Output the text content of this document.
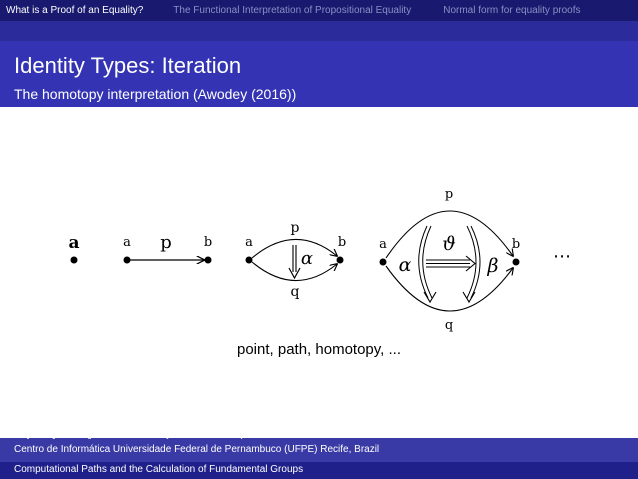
What is a Proof of an Equality?	The Functional Interpretation of Propositional Equality	Normal form for equality proofs
Identity Types: Iteration
The homotopy interpretation (Awodey (2016))
a	a	b
p	a	b
p
q
α
a	b
p
q
α
ϑ
β	⋯
point, path, homotopy, ...
Ruy de Queiroz (joint work with Anjolina de Oliveira)
Centro de Informática Universidade Federal de Pernambuco (UFPE) Recife, Brazil
Computational Paths and the Calculation of Fundamental Groups
